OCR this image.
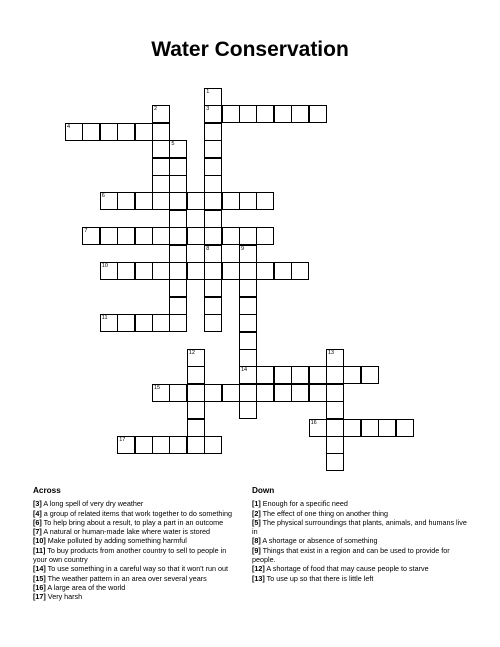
Water Conservation
1
3
8
2
4
5
6
7
9
14
10
11
12	13
15
16
17
Across
[3] A long spell of very dry weather
[4] a group of related items that work together to do something
[6] To help bring about a result, to play a part in an outcome
[7] A natural or human-made lake where water is stored
[10] Make polluted by adding something harmful
[11] To buy products from another country to sell to people in your own country
[14] To use something in a careful way so that it won't run out
[15] The weather pattern in an area over several years
[16] A large area of the world
[17] Very harsh
Down
[1] Enough for a specific need
[2] The effect of one thing on another thing
[5] The physical surroundings that plants, animals, and humans live in
[8] A shortage or absence of something
[9] Things that exist in a region and can be used to provide for people.
[12] A shortage of food that may cause people to starve
[13] To use up so that there is little left
